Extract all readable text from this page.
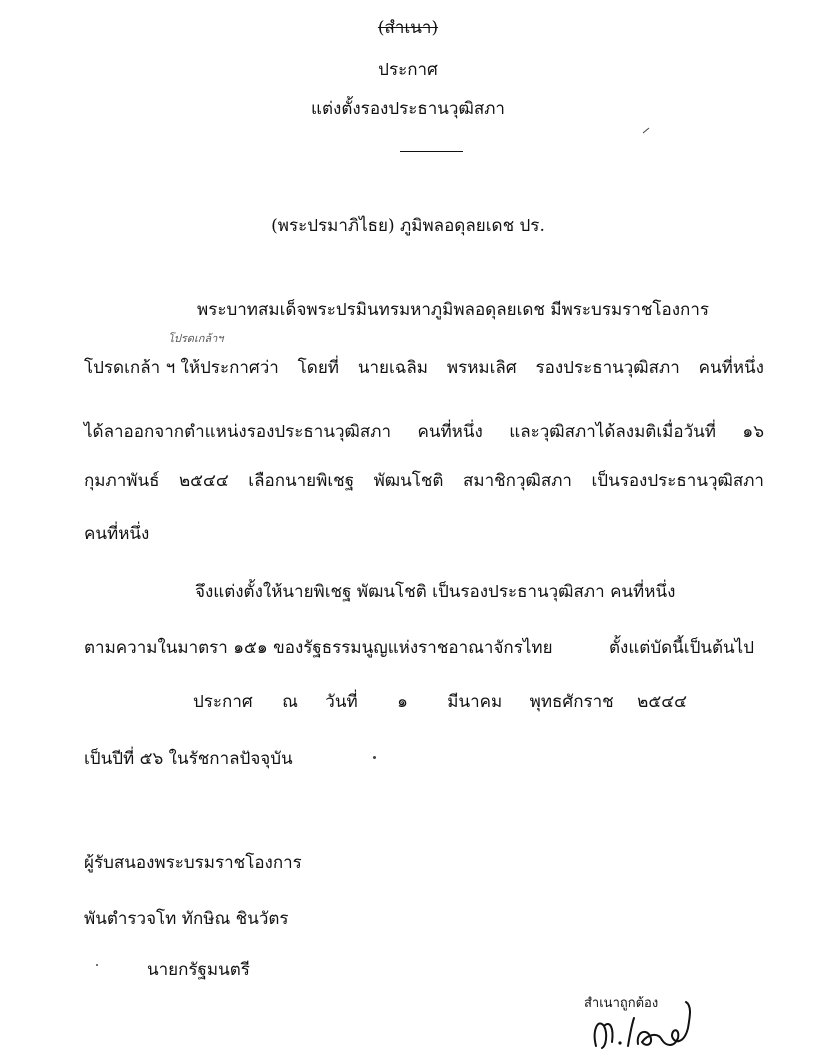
(สำเนา)
ประกาศ
แต่งตั้งรองประธานวุฒิสภา
(พระปรมาภิไธย) ภูมิพลอดุลยเดช ปร.
พระบาทสมเด็จพระปรมินทรมหาภูมิพลอดุลยเดช มีพระบรมราชโองการ
โปรดเกล้าฯ
โปรดเกล้า ฯ ให้ประกาศว่า โดยที่ นายเฉลิม พรหมเลิศ รองประธานวุฒิสภา คนที่หนึ่ง
ได้ลาออกจากตำแหน่งรองประธานวุฒิสภา คนที่หนึ่ง และวุฒิสภาได้ลงมติเมื่อวันที่ ๑๖
กุมภาพันธ์ ๒๕๔๔ เลือกนายพิเชฐ พัฒนโชติ สมาชิกวุฒิสภา เป็นรองประธานวุฒิสภา
คนที่หนึ่ง
จึงแต่งตั้งให้นายพิเชฐ พัฒนโชติ เป็นรองประธานวุฒิสภา คนที่หนึ่ง
ตามความในมาตรา ๑๕๑ ของรัฐธรรมนูญแห่งราชอาณาจักรไทย	ตั้งแต่บัดนี้เป็นต้นไป
ประกาศ ณ วันที่ ๑ มีนาคม พุทธศักราช ๒๕๔๔
เป็นปีที่ ๕๖ ในรัชกาลปัจจุบัน
ผู้รับสนองพระบรมราชโองการ
พันตำรวจโท ทักษิณ ชินวัตร
นายกรัฐมนตรี
สำเนาถูกต้อง
